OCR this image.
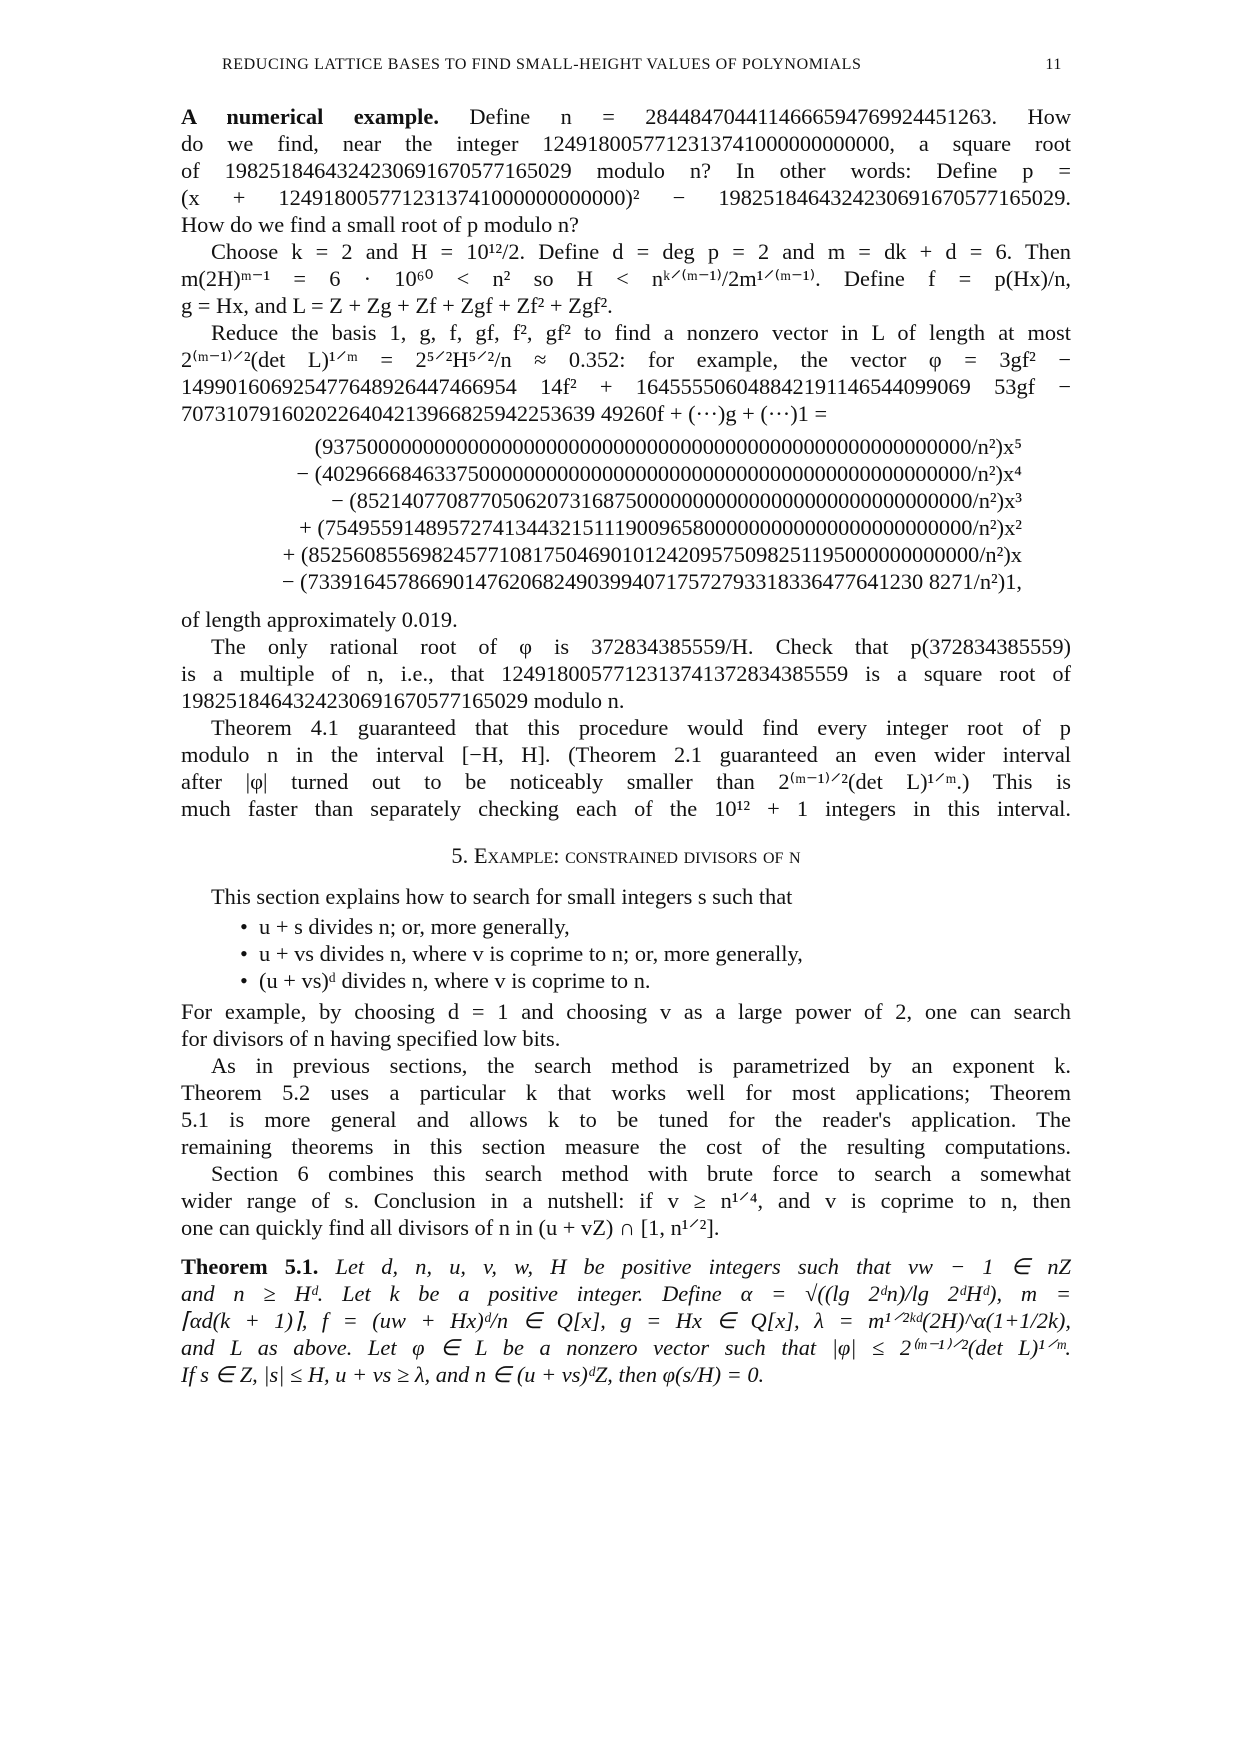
REDUCING LATTICE BASES TO FIND SMALL-HEIGHT VALUES OF POLYNOMIALS	11
A numerical example. Define n = 2844847044114666594769924451263. How
do we find, near the integer 1249180057712313741000000000000, a square root
of 1982518464324230691670577165029 modulo n? In other words: Define p =
(x + 1249180057712313741000000000000)² − 1982518464324230691670577165029.
How do we find a small root of p modulo n?
Choose k = 2 and H = 10¹²/2. Define d = deg p = 2 and m = dk + d = 6. Then
m(2H)ᵐ⁻¹ = 6 · 10⁶⁰ < n² so H < nᵏ⸍⁽ᵐ⁻¹⁾/2m¹⸍⁽ᵐ⁻¹⁾. Define f = p(Hx)/n,
g = Hx, and L = Z + Zg + Zf + Zgf + Zf² + Zgf².
Reduce the basis 1, g, f, gf, f², gf² to find a nonzero vector in L of length at most
2⁽ᵐ⁻¹⁾⸍²(det L)¹⸍ᵐ = 2⁵⸍²H⁵⸍²/n ≈ 0.352: for example, the vector φ = 3gf² −
149901606925477648926447466954 14f² + 164555506048842191146544099069 53gf −
7073107916020226404213966825942253639 49260f + (···)g + (···)1 =
(9375000000000000000000000000000000000000000000000000000000/n²)x⁵
− (4029666846337500000000000000000000000000000000000000000000/n²)x⁴
− (8521407708770506207316875000000000000000000000000000000/n²)x³
+ (7549559148957274134432151119009658000000000000000000000000/n²)x²
+ (852560855698245771081750469010124209575098251195000000000000/n²)x
− (7339164578669014762068249039940717572793318336477641230 8271/n²)1,
of length approximately 0.019.
The only rational root of φ is 372834385559/H. Check that p(372834385559)
is a multiple of n, i.e., that 1249180057712313741372834385559 is a square root of
1982518464324230691670577165029 modulo n.
Theorem 4.1 guaranteed that this procedure would find every integer root of p
modulo n in the interval [−H, H]. (Theorem 2.1 guaranteed an even wider interval
after |φ| turned out to be noticeably smaller than 2⁽ᵐ⁻¹⁾⸍²(det L)¹⸍ᵐ.) This is
much faster than separately checking each of the 10¹² + 1 integers in this interval.
5. Example: constrained divisors of n
This section explains how to search for small integers s such that
•  u + s divides n; or, more generally,
•  u + vs divides n, where v is coprime to n; or, more generally,
•  (u + vs)ᵈ divides n, where v is coprime to n.
For example, by choosing d = 1 and choosing v as a large power of 2, one can search
for divisors of n having specified low bits.
As in previous sections, the search method is parametrized by an exponent k.
Theorem 5.2 uses a particular k that works well for most applications; Theorem
5.1 is more general and allows k to be tuned for the reader's application. The
remaining theorems in this section measure the cost of the resulting computations.
Section 6 combines this search method with brute force to search a somewhat
wider range of s. Conclusion in a nutshell: if v ≥ n¹⸍⁴, and v is coprime to n, then
one can quickly find all divisors of n in (u + vZ) ∩ [1, n¹⸍²].
Theorem 5.1. Let d, n, u, v, w, H be positive integers such that vw − 1 ∈ nZ
and n ≥ Hᵈ. Let k be a positive integer. Define α = √((lg 2ᵈn)/lg 2ᵈHᵈ), m =
⌈αd(k + 1)⌉, f = (uw + Hx)ᵈ/n ∈ Q[x], g = Hx ∈ Q[x], λ = m¹⸍²ᵏᵈ(2H)^α(1+1/2k),
and L as above. Let φ ∈ L be a nonzero vector such that |φ| ≤ 2⁽ᵐ⁻¹⁾⸍²(det L)¹⸍ᵐ.
If s ∈ Z, |s| ≤ H, u + vs ≥ λ, and n ∈ (u + vs)ᵈZ, then φ(s/H) = 0.
